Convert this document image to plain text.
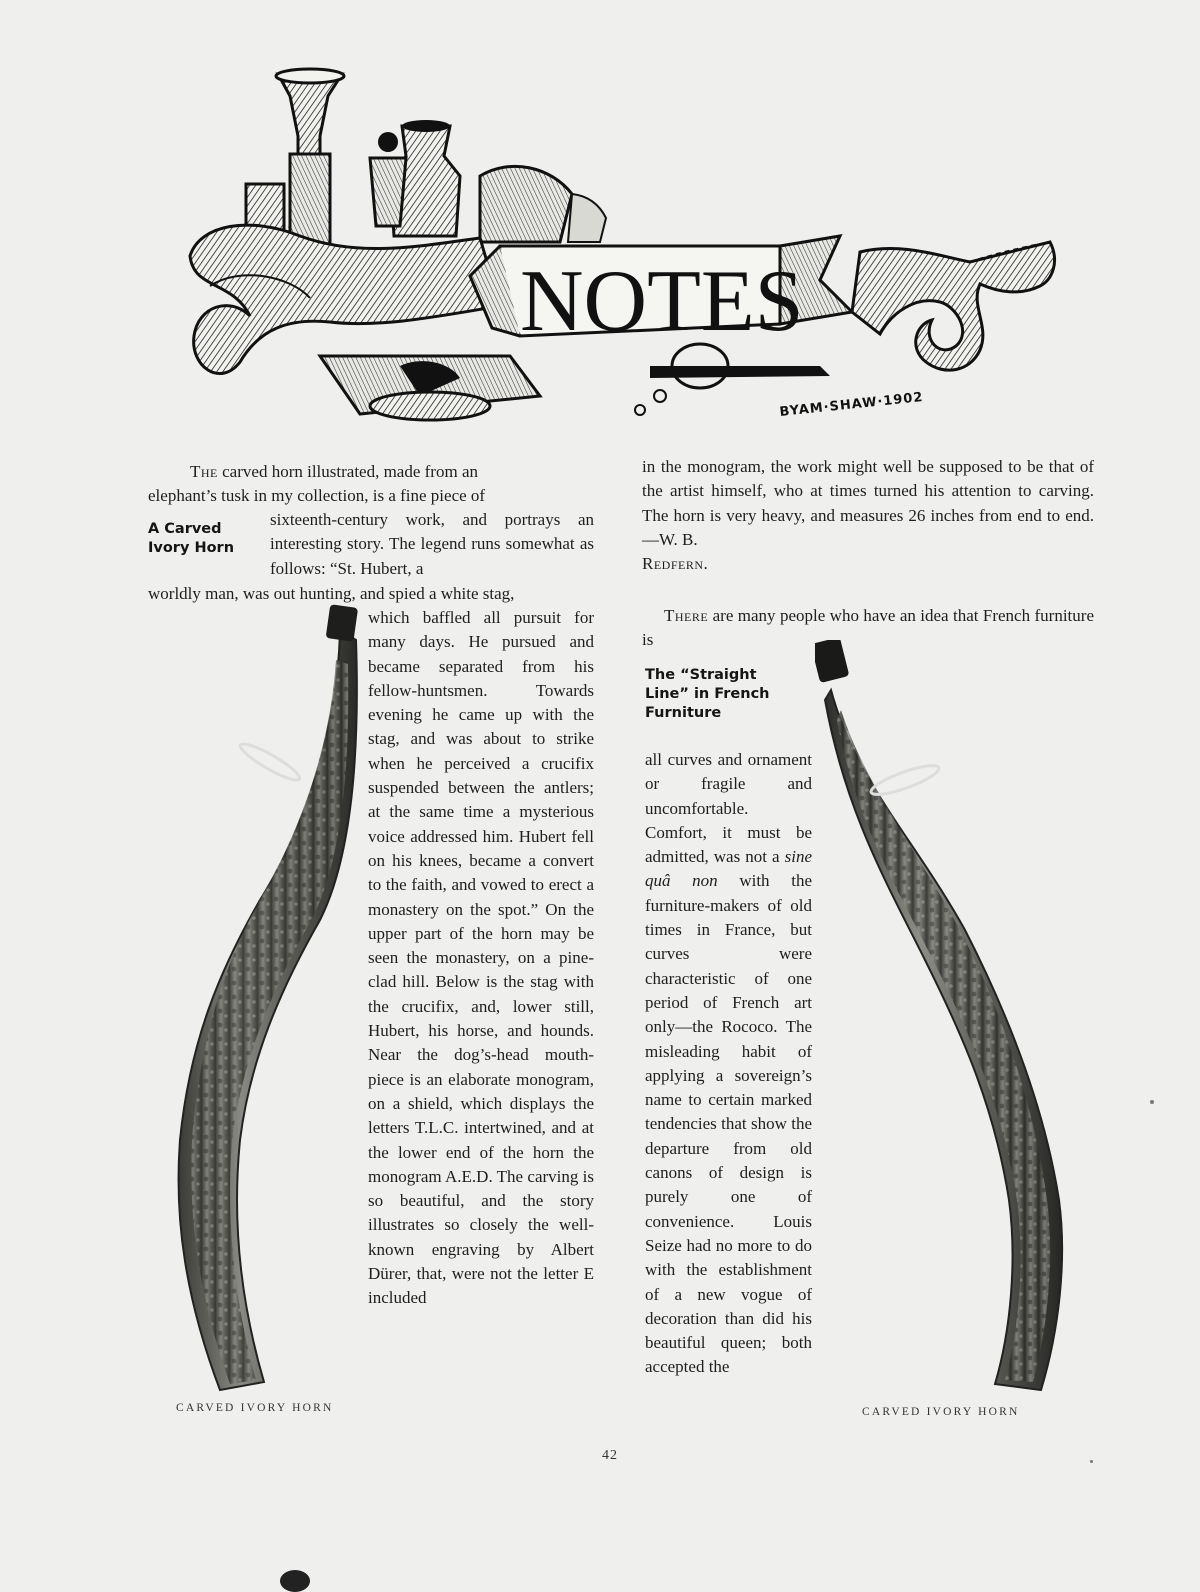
NOTES
BYAM·SHAW·1902

The carved horn illustrated, made from an

elephant’s tusk in my collection, is a fine piece of

A Carved
Ivory Horn
sixteenth-century work, and portrays an interesting story. The legend runs somewhat as follows: “St. Hubert, a
worldly man, was out hunting, and spied a white stag,
which baffled all pursuit for many days. He pursued and became separated from his fellow-huntsmen. Towards evening he came up with the stag, and was about to strike when he perceived a crucifix suspended between the antlers; at the same time a mysterious voice addressed him. Hubert fell on his knees, became a convert to the faith, and vowed to erect a monastery on the spot.” On the upper part of the horn may be seen the monastery, on a pine-clad hill. Below is the stag with the crucifix, and, lower still, Hubert, his horse, and hounds. Near the dog’s-head mouth-piece is an elaborate monogram, on a shield, which displays the letters T.L.C. intertwined, and at the lower end of the horn the monogram A.E.D. The carving is so beautiful, and the story illustrates so closely the well-known engraving by Albert Dürer, that, were not the letter E included
CARVED IVORY HORN
in the monogram, the work might well be supposed to be that of the artist himself, who at times turned his attention to carving. The horn is very heavy, and measures 26 inches from end to end.—W. B.
Redfern.
There are many people who have an idea that French furniture is
The “Straight
Line” in French
Furniture
all curves and ornament or fragile and uncomfortable. Comfort, it must be admitted, was not a sine quâ non with the furniture-makers of old times in France, but curves were characteristic of one period of French art only—the Rococo. The misleading habit of applying a sovereign’s name to certain marked tendencies that show the departure from old canons of design is purely one of convenience. Louis Seize had no more to do with the establishment of a new vogue of decoration than did his beautiful queen; both accepted the
CARVED IVORY HORN
42
